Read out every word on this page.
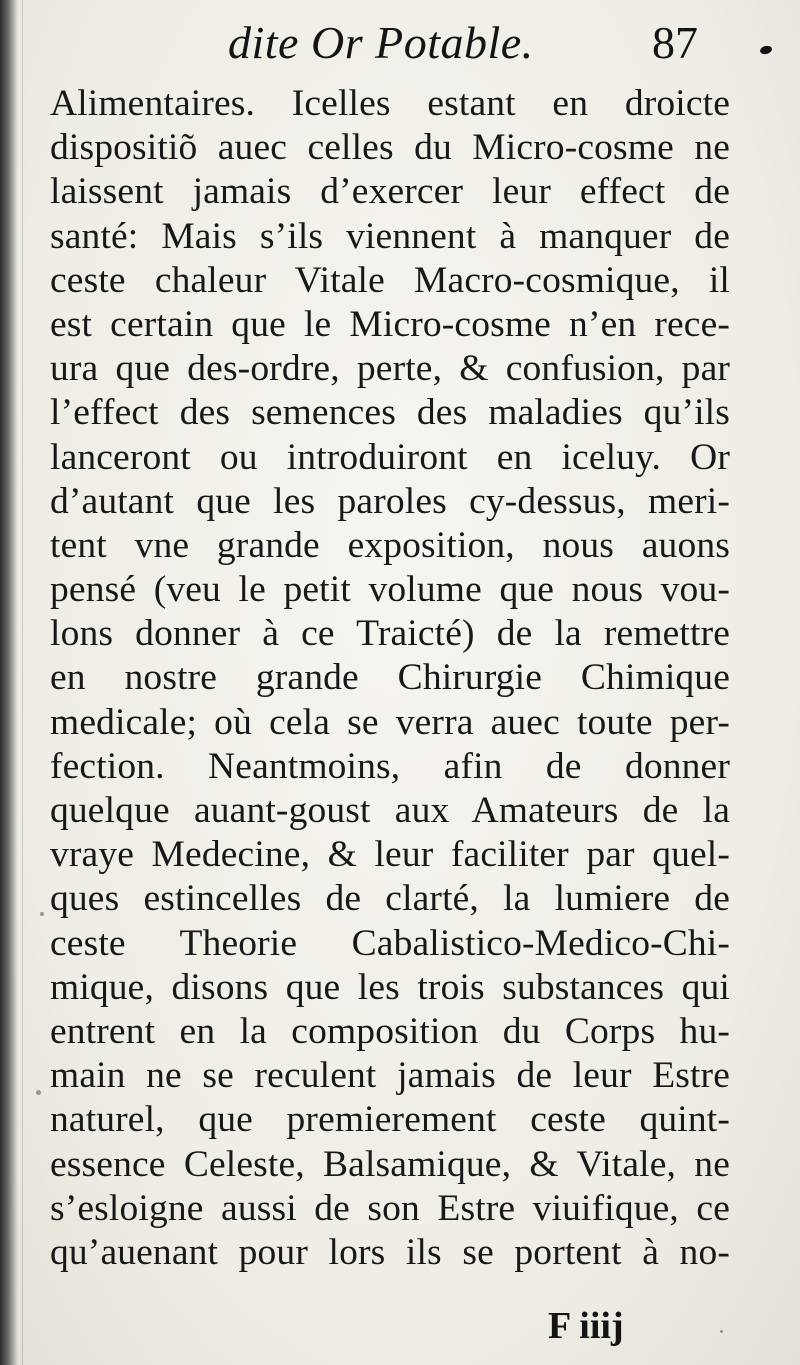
dite Or Potable.	87
Alimentaires. Icelles estant en droicte
dispositiõ auec celles du Micro-cosme ne
laissent jamais d’exercer leur effect de
santé: Mais s’ils viennent à manquer de
ceste chaleur Vitale Macro-cosmique, il
est certain que le Micro-cosme n’en rece-
ura que des-ordre, perte, & confusion, par
l’effect des semences des maladies qu’ils
lanceront ou introduiront en iceluy. Or
d’autant que les paroles cy-dessus, meri-
tent vne grande exposition, nous auons
pensé (veu le petit volume que nous vou-
lons donner à ce Traicté) de la remettre
en nostre grande Chirurgie Chimique
medicale; où cela se verra auec toute per-
fection. Neantmoins, afin de donner
quelque auant-goust aux Amateurs de la
vraye Medecine, & leur faciliter par quel-
ques estincelles de clarté, la lumiere de
ceste Theorie Cabalistico-Medico-Chi-
mique, disons que les trois substances qui
entrent en la composition du Corps hu-
main ne se reculent jamais de leur Estre
naturel, que premierement ceste quint-
essence Celeste, Balsamique, & Vitale, ne
s’esloigne aussi de son Estre viuifique, ce
qu’auenant pour lors ils se portent à no-
F iiij
